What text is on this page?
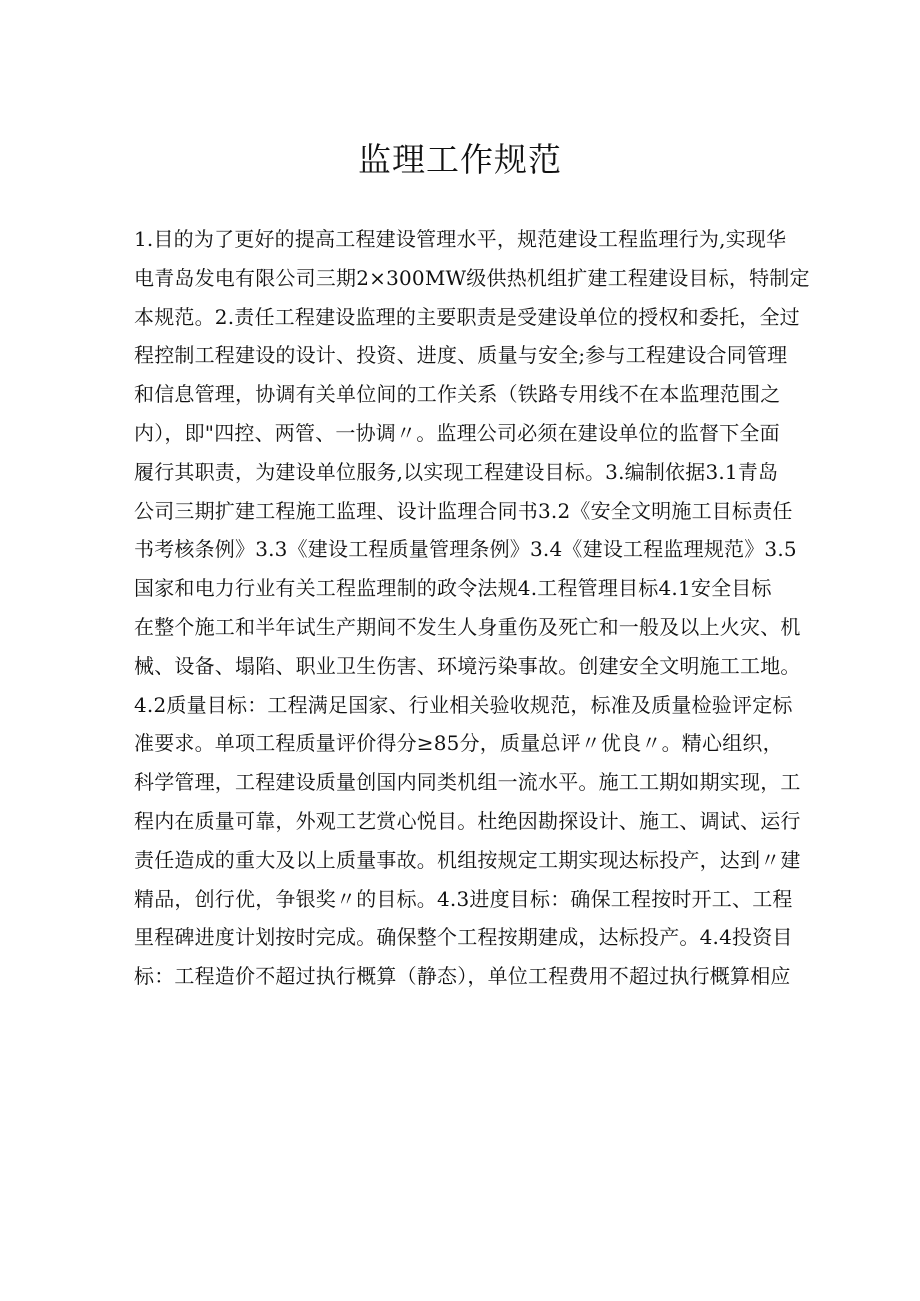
监理工作规范
1.目的为了更好的提高工程建设管理水平，规范建设工程监理行为,实现华
电青岛发电有限公司三期2×300MW级供热机组扩建工程建设目标，特制定
本规范。2.责任工程建设监理的主要职责是受建设单位的授权和委托，全过
程控制工程建设的设计、投资、进度、质量与安全;参与工程建设合同管理
和信息管理，协调有关单位间的工作关系（铁路专用线不在本监理范围之
内），即"四控、两管、一协调〃。监理公司必须在建设单位的监督下全面
履行其职责，为建设单位服务,以实现工程建设目标。3.编制依据3.1青岛
公司三期扩建工程施工监理、设计监理合同书3.2《安全文明施工目标责任
书考核条例》3.3《建设工程质量管理条例》3.4《建设工程监理规范》3.5
国家和电力行业有关工程监理制的政令法规4.工程管理目标4.1安全目标
在整个施工和半年试生产期间不发生人身重伤及死亡和一般及以上火灾、机
械、设备、塌陷、职业卫生伤害、环境污染事故。创建安全文明施工工地。
4.2质量目标：工程满足国家、行业相关验收规范，标准及质量检验评定标
准要求。单项工程质量评价得分≥85分，质量总评〃优良〃。精心组织，
科学管理，工程建设质量创国内同类机组一流水平。施工工期如期实现，工
程内在质量可靠，外观工艺赏心悦目。杜绝因勘探设计、施工、调试、运行
责任造成的重大及以上质量事故。机组按规定工期实现达标投产，达到〃建
精品，创行优，争银奖〃的目标。4.3进度目标：确保工程按时开工、工程
里程碑进度计划按时完成。确保整个工程按期建成，达标投产。4.4投资目
标：工程造价不超过执行概算（静态），单位工程费用不超过执行概算相应
